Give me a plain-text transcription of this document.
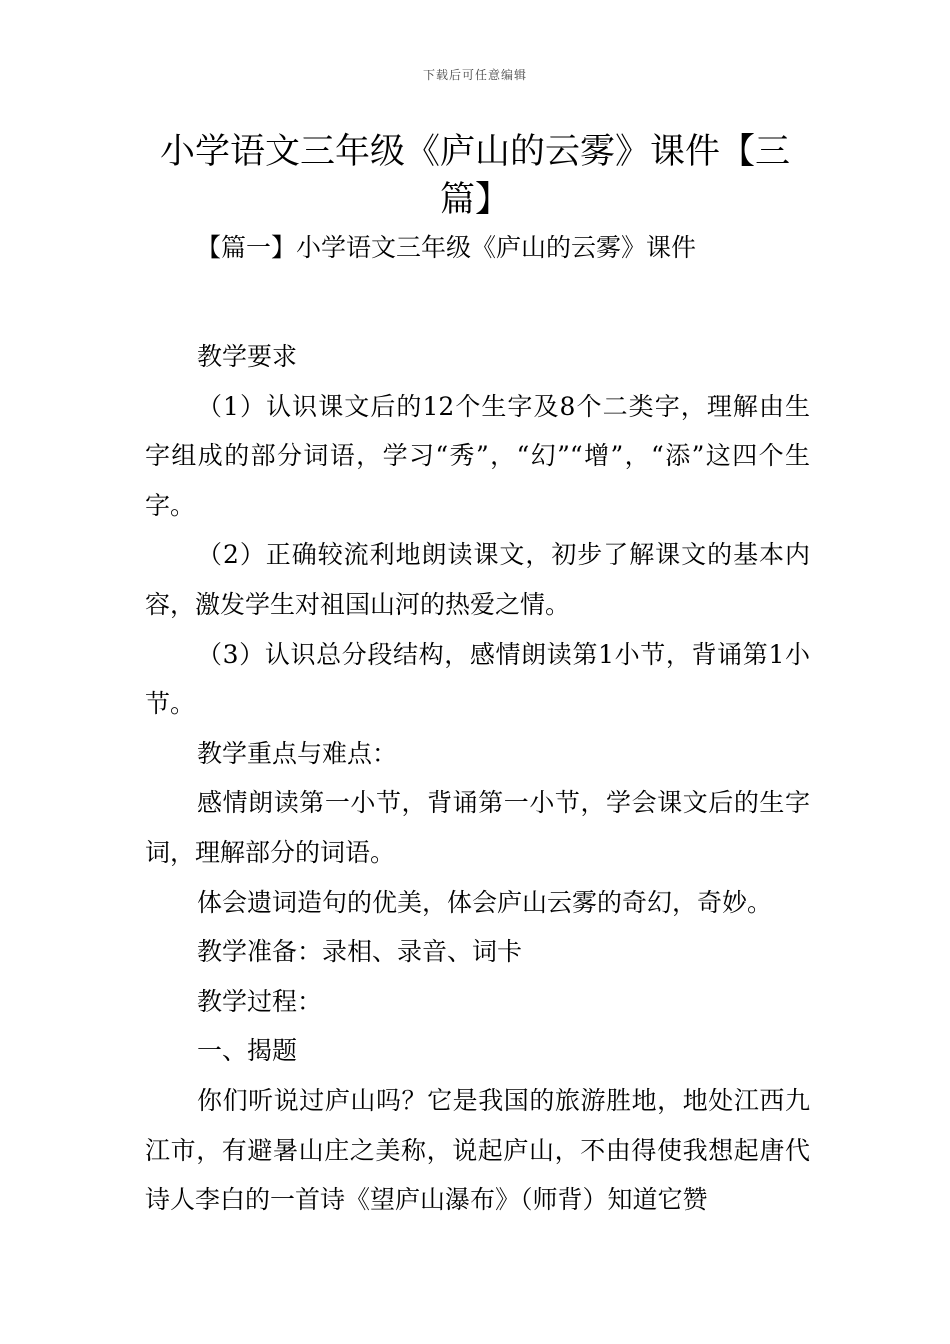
下载后可任意编辑
小学语文三年级《庐山的云雾》课件【三篇】
【篇一】小学语文三年级《庐山的云雾》课件

教学要求

（1）认识课文后的12个生字及8个二类字，理解由生字组成的部分词语，学习“秀”，“幻”“增”，“添”这四个生字。

（2）正确较流利地朗读课文，初步了解课文的基本内容，激发学生对祖国山河的热爱之情。

（3）认识总分段结构，感情朗读第1小节，背诵第1小节。

教学重点与难点：

感情朗读第一小节，背诵第一小节，学会课文后的生字词，理解部分的词语。

体会遗词造句的优美，体会庐山云雾的奇幻，奇妙。

教学准备：录相、录音、词卡

教学过程：

一、揭题

你们听说过庐山吗？它是我国的旅游胜地，地处江西九江市，有避暑山庄之美称，说起庐山，不由得使我想起唐代诗人李白的一首诗《望庐山瀑布》（师背）知道它赞
